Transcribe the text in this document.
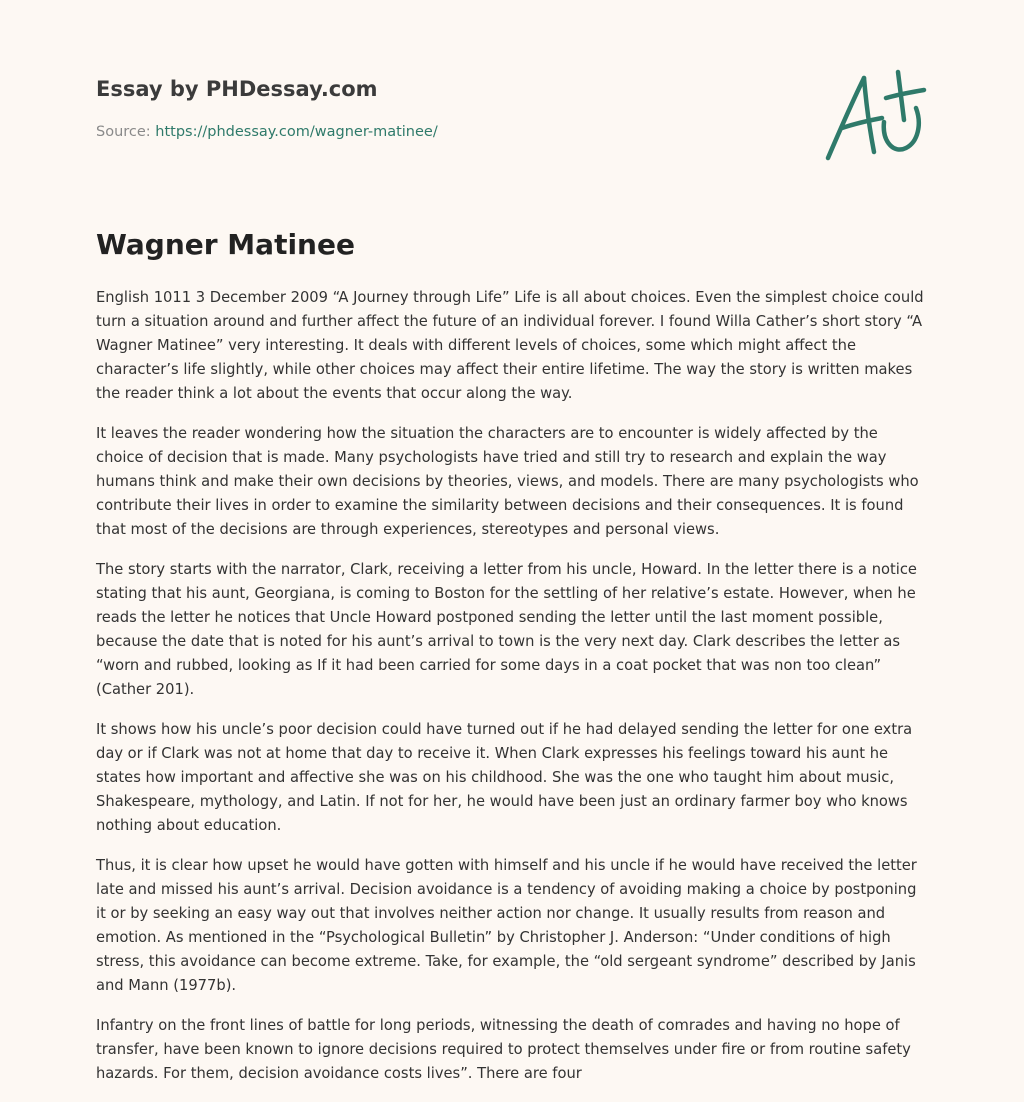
Essay by PHDessay.com
Source: https://phdessay.com/wagner-matinee/
Wagner Matinee

English 1011 3 December 2009 “A Journey through Life” Life is all about choices. Even the simplest choice could turn a situation around and further affect the future of an individual forever. I found Willa Cather’s short story “A Wagner Matinee” very interesting. It deals with different levels of choices, some which might affect the character’s life slightly, while other choices may affect their entire lifetime. The way the story is written makes the reader think a lot about the events that occur along the way.

It leaves the reader wondering how the situation the characters are to encounter is widely affected by the choice of decision that is made. Many psychologists have tried and still try to research and explain the way humans think and make their own decisions by theories, views, and models. There are many psychologists who contribute their lives in order to examine the similarity between decisions and their consequences. It is found that most of the decisions are through experiences, stereotypes and personal views.

The story starts with the narrator, Clark, receiving a letter from his uncle, Howard. In the letter there is a notice stating that his aunt, Georgiana, is coming to Boston for the settling of her relative’s estate. However, when he reads the letter he notices that Uncle Howard postponed sending the letter until the last moment possible, because the date that is noted for his aunt’s arrival to town is the very next day. Clark describes the letter as “worn and rubbed, looking as If it had been carried for some days in a coat pocket that was non too clean” (Cather 201).

It shows how his uncle’s poor decision could have turned out if he had delayed sending the letter for one extra day or if Clark was not at home that day to receive it. When Clark expresses his feelings toward his aunt he states how important and affective she was on his childhood. She was the one who taught him about music, Shakespeare, mythology, and Latin. If not for her, he would have been just an ordinary farmer boy who knows nothing about education.

Thus, it is clear how upset he would have gotten with himself and his uncle if he would have received the letter late and missed his aunt’s arrival. Decision avoidance is a tendency of avoiding making a choice by postponing it or by seeking an easy way out that involves neither action nor change. It usually results from reason and emotion. As mentioned in the “Psychological Bulletin” by Christopher J. Anderson: “Under conditions of high stress, this avoidance can become extreme. Take, for example, the “old sergeant syndrome” described by Janis and Mann (1977b).

Infantry on the front lines of battle for long periods, witnessing the death of comrades and having no hope of transfer, have been known to ignore decisions required to protect themselves under fire or from routine safety hazards. For them, decision avoidance costs lives”. There are four
